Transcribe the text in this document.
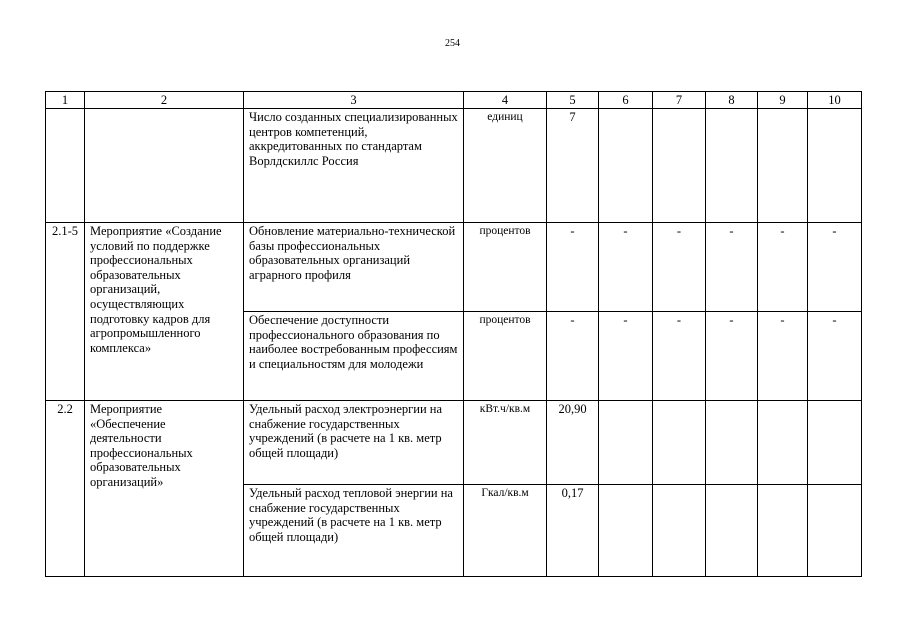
254
1	2	3	4	5	6	7	8	9	10
		Число созданных специализированных центров компетенций, аккредитованных по стандартам Ворлдскиллс Россия	единиц	7					
2.1-5	Мероприятие «Создание условий по поддержке профессиональных образовательных организаций, осуществляющих подготовку кадров для агропромышленного комплекса»	Обновление материально-технической базы профессиональных образовательных организаций аграрного профиля	процентов	-	-	-	-	-	-
		Обеспечение доступности профессионального образования по наиболее востребованным профессиям и специальностям для молодежи	процентов	-	-	-	-	-	-
2.2	Мероприятие «Обеспечение деятельности профессиональных образовательных организаций»	Удельный расход электроэнергии на снабжение государственных учреждений (в расчете на 1 кв. метр общей площади)	кВт.ч/кв.м	20,90					
		Удельный расход тепловой энергии на снабжение государственных учреждений (в расчете на 1 кв. метр общей площади)	Гкал/кв.м	0,17					
